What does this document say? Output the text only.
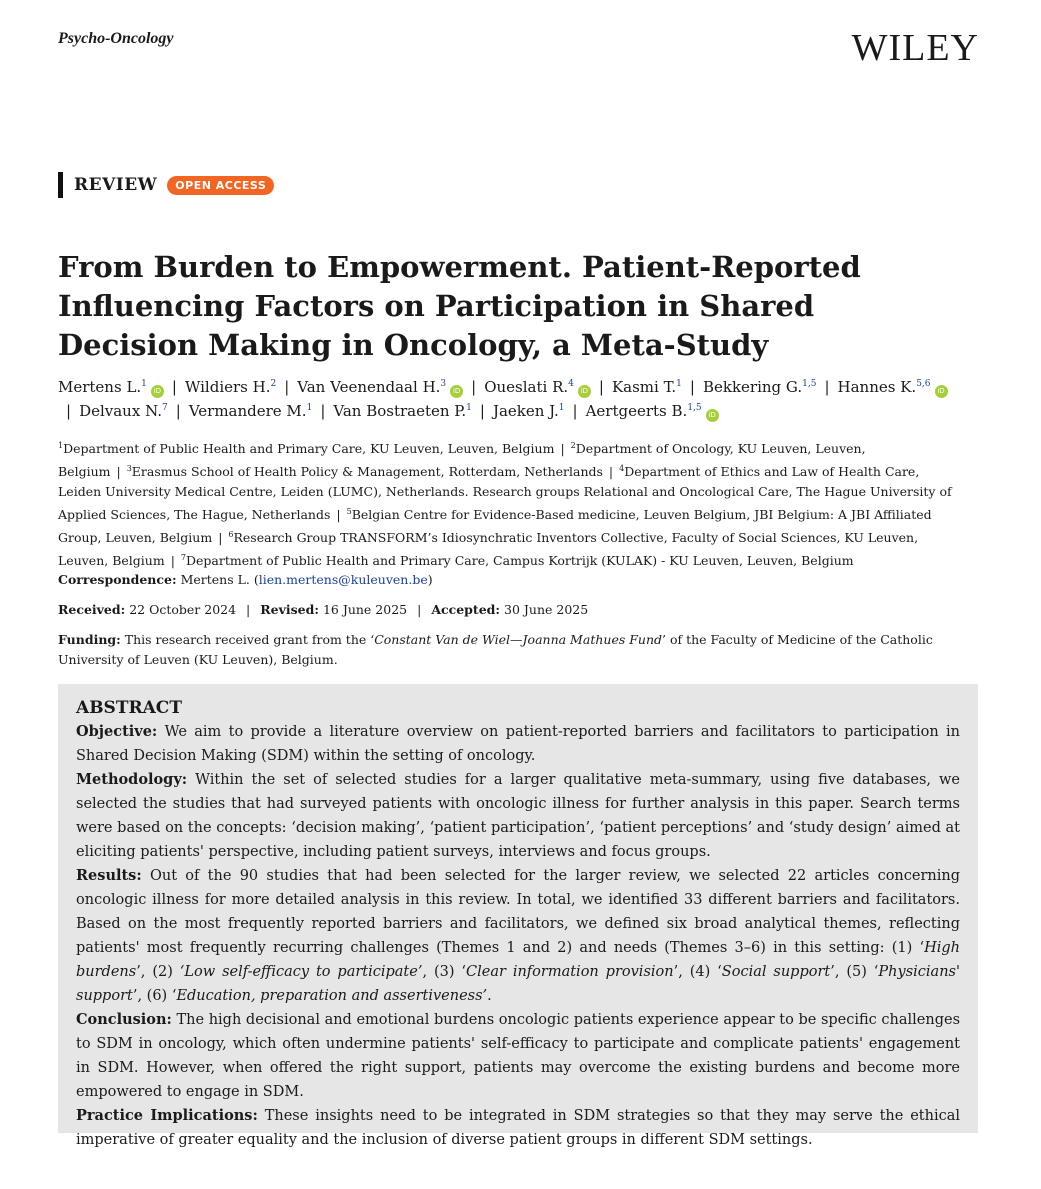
Psycho-Oncology	WILEY
REVIEW	OPEN ACCESS
From Burden to Empowerment. Patient-Reported Influencing Factors on Participation in Shared Decision Making in Oncology, a Meta-Study
Mertens L.$^1$iD | Wildiers H.$^2$ | Van Veenendaal H.$^3$iD | Oueslati R.$^4$iD | Kasmi T.$^1$ | Bekkering G.$^{1,5}$ | Hannes K.$^{5,6}$iD| Delvaux N.$^7$ | Vermandere M.$^1$ | Van Bostraeten P.$^1$ | Jaeken J.$^1$ | Aertgeerts B.$^{1,5}$iD
$^1$Department of Public Health and Primary Care, KU Leuven, Leuven, Belgium | $^2$Department of Oncology, KU Leuven, Leuven, Belgium | $^3$Erasmus School of Health Policy & Management, Rotterdam, Netherlands | $^4$Department of Ethics and Law of Health Care, Leiden University Medical Centre, Leiden (LUMC), Netherlands. Research groups Relational and Oncological Care, The Hague University of Applied Sciences, The Hague, Netherlands | $^5$Belgian Centre for Evidence-Based medicine, Leuven Belgium, JBI Belgium: A JBI Affiliated Group, Leuven, Belgium | $^6$Research Group TRANSFORM’s Idiosynchratic Inventors Collective, Faculty of Social Sciences, KU Leuven, Leuven, Belgium | $^7$Department of Public Health and Primary Care, Campus Kortrijk (KULAK) - KU Leuven, Leuven, Belgium
Correspondence: Mertens L. (lien.mertens@kuleuven.be)
Received: 22 October 2024 | Revised: 16 June 2025 | Accepted: 30 June 2025
Funding: This research received grant from the ‘Constant Van de Wiel—Joanna Mathues Fund’ of the Faculty of Medicine of the Catholic University of Leuven (KU Leuven), Belgium.
ABSTRACT

Objective: We aim to provide a literature overview on patient-reported barriers and facilitators to participation in Shared Decision Making (SDM) within the setting of oncology.

Methodology: Within the set of selected studies for a larger qualitative meta-summary, using five databases, we selected the studies that had surveyed patients with oncologic illness for further analysis in this paper. Search terms were based on the concepts: ‘decision making’, ‘patient participation’, ‘patient perceptions’ and ‘study design’ aimed at eliciting patients' perspective, including patient surveys, interviews and focus groups.

Results: Out of the 90 studies that had been selected for the larger review, we selected 22 articles concerning oncologic illness for more detailed analysis in this review. In total, we identified 33 different barriers and facilitators. Based on the most frequently reported barriers and facilitators, we defined six broad analytical themes, reflecting patients' most frequently recurring challenges (Themes 1 and 2) and needs (Themes 3–6) in this setting: (1) ‘High burdens’, (2) ‘Low self-efficacy to participate’, (3) ‘Clear information provision’, (4) ‘Social support’, (5) ‘Physicians' support’, (6) ‘Education, preparation and assertiveness’.

Conclusion: The high decisional and emotional burdens oncologic patients experience appear to be specific challenges to SDM in oncology, which often undermine patients' self-efficacy to participate and complicate patients' engagement in SDM. However, when offered the right support, patients may overcome the existing burdens and become more empowered to engage in SDM.

Practice Implications: These insights need to be integrated in SDM strategies so that they may serve the ethical imperative of greater equality and the inclusion of diverse patient groups in different SDM settings.
